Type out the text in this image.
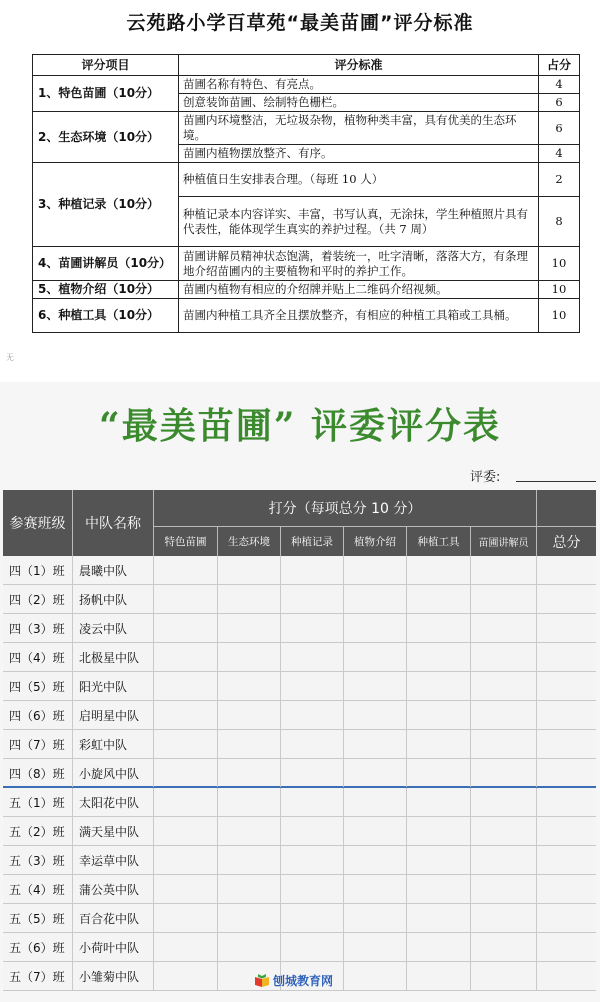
云苑路小学百草苑“最美苗圃”评分标准
评分项目	评分标准	占分
1、特色苗圃（10分）	苗圃名称有特色、有亮点。	4
	创意装饰苗圃、绘制特色栅栏。	6
2、生态环境（10分）	苗圃内环境整洁，无垃圾杂物，植物种类丰富，具有优美的生态环境。	6
	苗圃内植物摆放整齐、有序。	4
3、种植记录（10分）	种植值日生安排表合理。（每班 10 人）	2
	种植记录本内容详实、丰富，书写认真，无涂抹，学生种植照片具有代表性，能体现学生真实的养护过程。（共 7 周）	8
4、苗圃讲解员（10分）	苗圃讲解员精神状态饱满，着装统一，吐字清晰，落落大方，有条理地介绍苗圃内的主要植物和平时的养护工作。	10
5、植物介绍（10分）	苗圃内植物有相应的介绍牌并贴上二维码介绍视频。	10
6、种植工具（10分）	苗圃内种植工具齐全且摆放整齐，有相应的种植工具箱或工具桶。	10
无
“最美苗圃” 评委评分表
评委:
参赛班级	中队名称
打分（每项总分 10 分）
特色苗圃	生态环境	种植记录	植物介绍	种植工具	苗圃讲解员	总分
四（1）班	晨曦中队
四（2）班	扬帆中队
四（3）班	凌云中队
四（4）班	北极星中队
四（5）班	阳光中队
四（6）班	启明星中队
四（7）班	彩虹中队
四（8）班	小旋风中队
五（1）班	太阳花中队
五（2）班	满天星中队
五（3）班	幸运草中队
五（4）班	蒲公英中队
五（5）班	百合花中队
五（6）班	小荷叶中队
五（7）班	小雏菊中队	刨城教育网
